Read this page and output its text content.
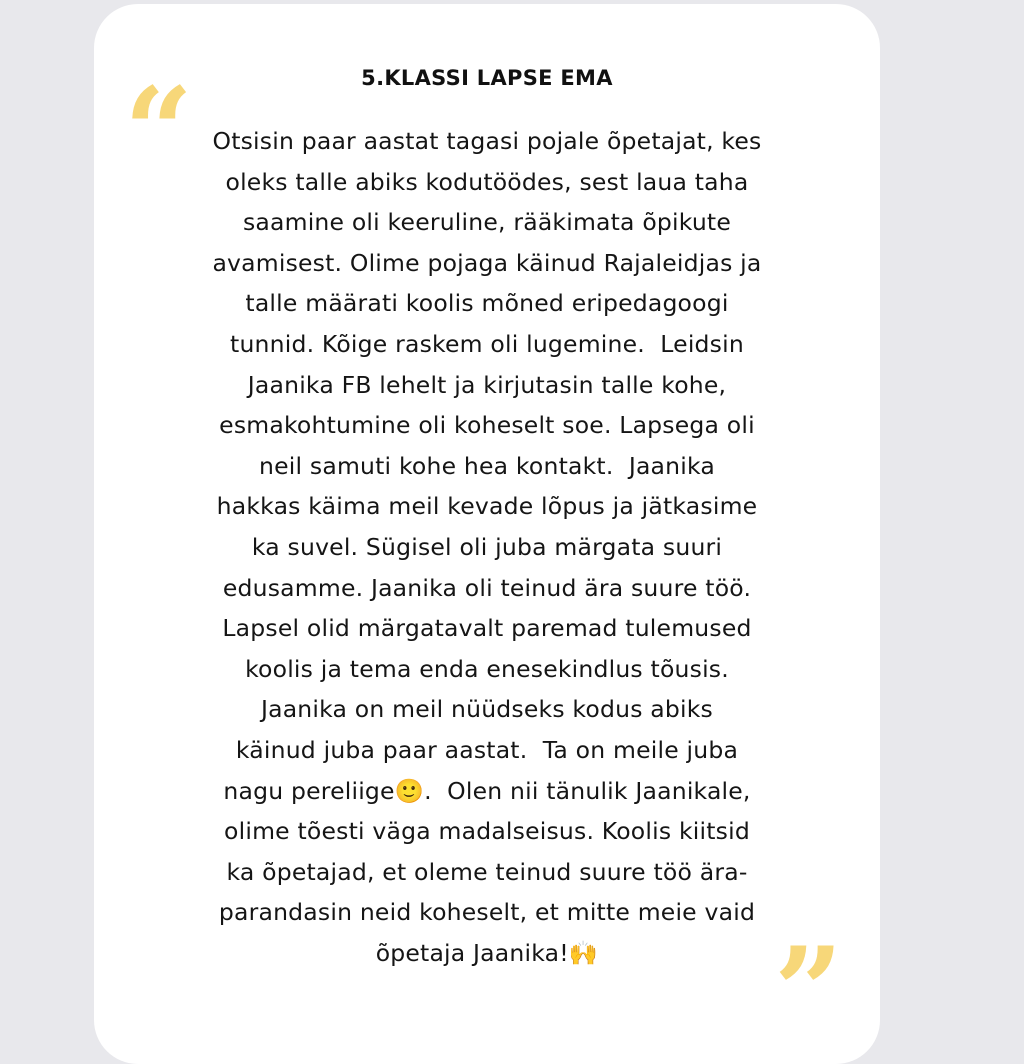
“	5.KLASSI LAPSE EMA
Otsisin paar aastat tagasi pojale õpetajat, kes
oleks talle abiks kodutöödes, sest laua taha
saamine oli keeruline, rääkimata õpikute
avamisest. Olime pojaga käinud Rajaleidjas ja
talle määrati koolis mõned eripedagoogi
tunnid. Kõige raskem oli lugemine.  Leidsin
Jaanika FB lehelt ja kirjutasin talle kohe,
esmakohtumine oli koheselt soe. Lapsega oli
neil samuti kohe hea kontakt.  Jaanika
hakkas käima meil kevade lõpus ja jätkasime
ka suvel. Sügisel oli juba märgata suuri
edusamme. Jaanika oli teinud ära suure töö.
Lapsel olid märgatavalt paremad tulemused
koolis ja tema enda enesekindlus tõusis.
Jaanika on meil nüüdseks kodus abiks
käinud juba paar aastat.  Ta on meile juba
nagu pereliige🙂.  Olen nii tänulik Jaanikale,
olime tõesti väga madalseisus. Koolis kiitsid
ka õpetajad, et oleme teinud suure töö ära-
parandasin neid koheselt, et mitte meie vaid
õpetaja Jaanika!🙌	”
